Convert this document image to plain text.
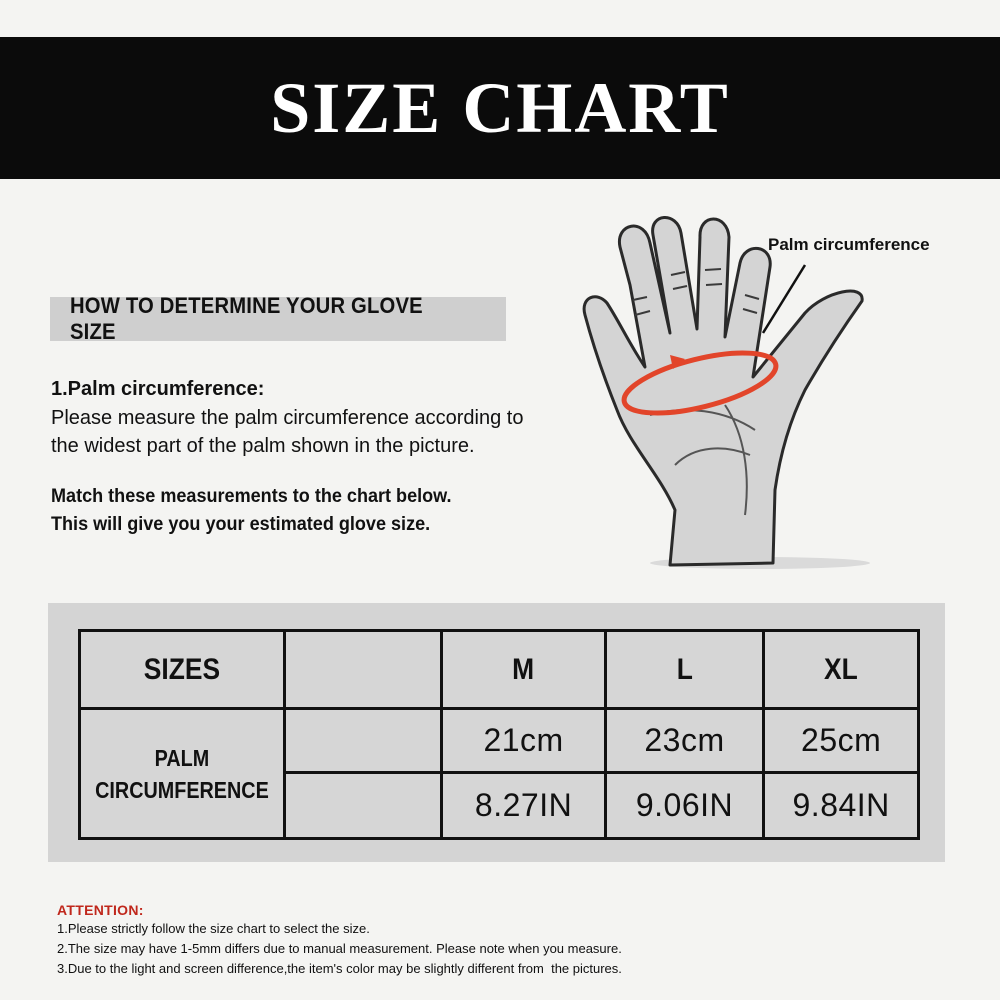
SIZE CHART
HOW TO DETERMINE YOUR GLOVE SIZE
1.Palm circumference:
Please measure the palm circumference according to
the widest part of the palm shown in the picture.
Match these measurements to the chart below.
This will give you your estimated glove size.
Palm circumference
SIZES		M	L	XL

PALM
CIRCUMFERENCE		21cm	23cm	25cm
		8.27IN	9.06IN	9.84IN
ATTENTION:
1.Please strictly follow the size chart to select the size.
2.The size may have 1-5mm differs due to manual measurement. Please note when you measure.
3.Due to the light and screen difference,the item's color may be slightly different from  the pictures.
